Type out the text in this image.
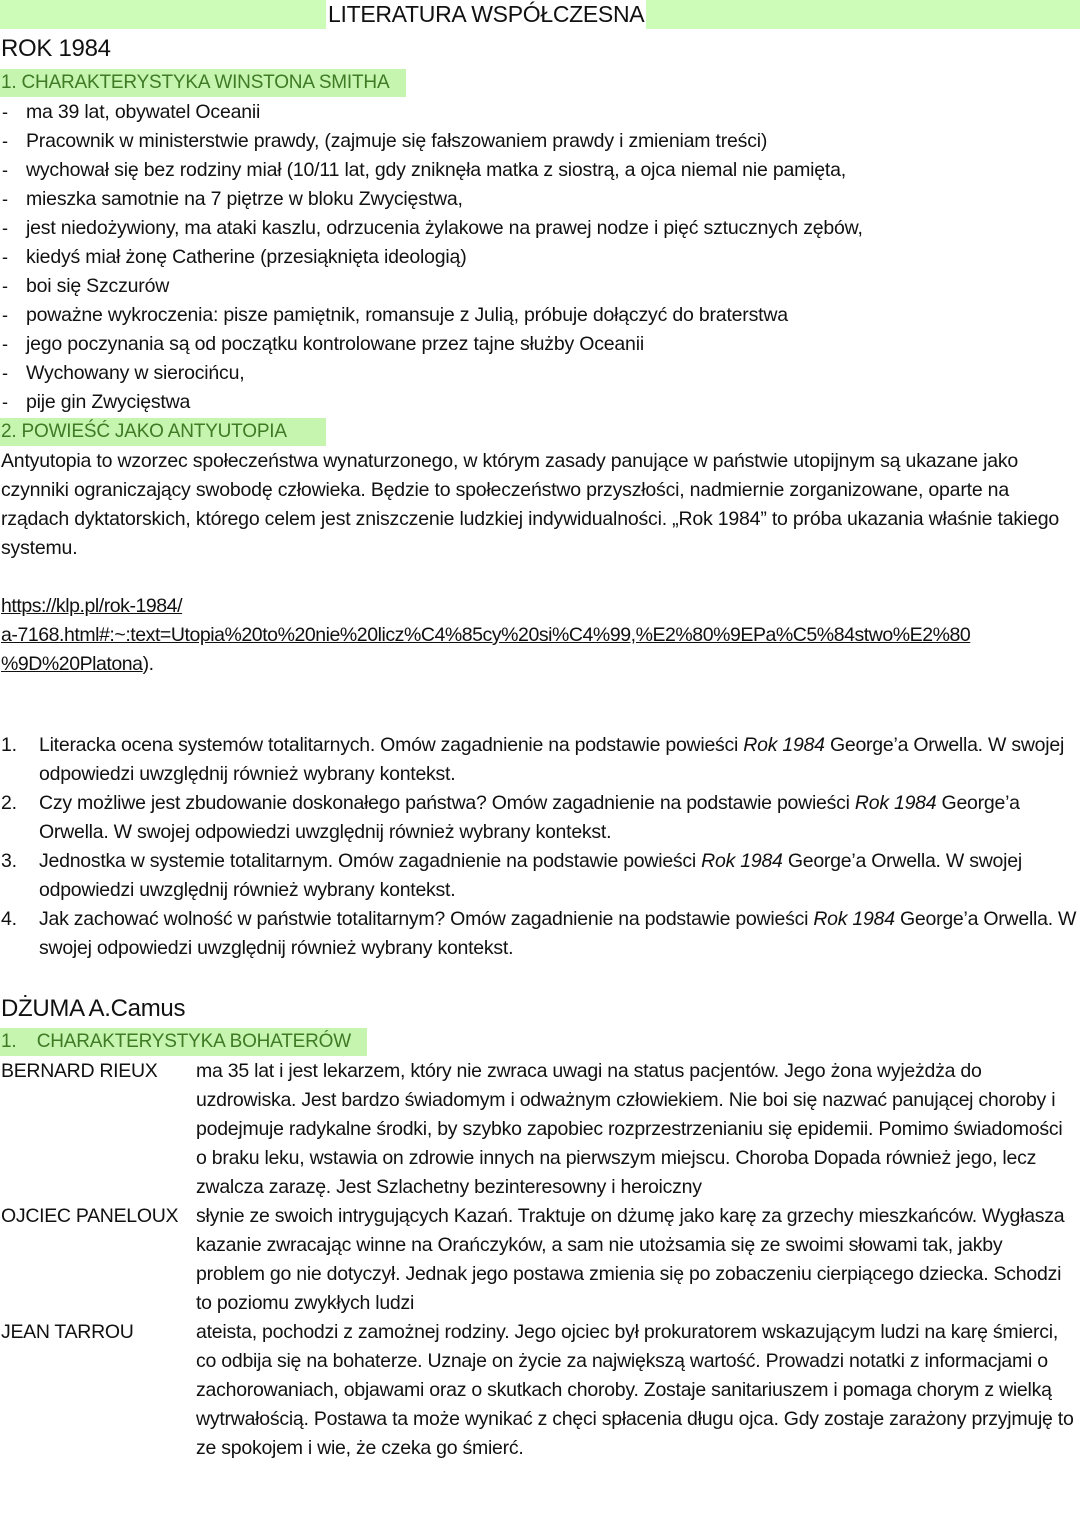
LITERATURA WSPÓŁCZESNA
ROK 1984
1. CHARAKTERYSTYKA WINSTONA SMITHA
- ma 39 lat, obywatel Oceanii
- Pracownik w ministerstwie prawdy, (zajmuje się fałszowaniem prawdy i zmieniam treści)
- wychował się bez rodziny miał (10/11 lat, gdy zniknęła matka z siostrą, a ojca niemal nie pamięta,
- mieszka samotnie na 7 piętrze w bloku Zwycięstwa,
- jest niedożywiony, ma ataki kaszlu, odrzucenia żylakowe na prawej nodze i pięć sztucznych zębów,
- kiedyś miał żonę Catherine (przesiąknięta ideologią)
- boi się Szczurów
- poważne wykroczenia: pisze pamiętnik, romansuje z Julią, próbuje dołączyć do braterstwa
- jego poczynania są od początku kontrolowane przez tajne służby Oceanii
- Wychowany w sierocińcu,
- pije gin Zwycięstwa
2. POWIEŚĆ JAKO ANTYUTOPIA
Antyutopia to wzorzec społeczeństwa wynaturzonego, w którym zasady panujące w państwie utopijnym są ukazane jako czynniki ograniczający swobodę człowieka. Będzie to społeczeństwo przyszłości, nadmiernie zorganizowane, oparte na rządach dyktatorskich, którego celem jest zniszczenie ludzkiej indywidualności. „Rok 1984” to próba ukazania właśnie takiego systemu.
https://klp.pl/rok-1984/
a-7168.html#:~:text=Utopia%20to%20nie%20licz%C4%85cy%20si%C4%99,%E2%80%9EPa%C5%84stwo%E2%80
%9D%20Platona).
1. Literacka ocena systemów totalitarnych. Omów zagadnienie na podstawie powieści Rok 1984 George’a Orwella. W swojej odpowiedzi uwzględnij również wybrany kontekst.
2. Czy możliwe jest zbudowanie doskonałego państwa? Omów zagadnienie na podstawie powieści Rok 1984 George’a Orwella. W swojej odpowiedzi uwzględnij również wybrany kontekst.
3. Jednostka w systemie totalitarnym. Omów zagadnienie na podstawie powieści Rok 1984 George’a Orwella. W swojej odpowiedzi uwzględnij również wybrany kontekst.
4. Jak zachować wolność w państwie totalitarnym? Omów zagadnienie na podstawie powieści Rok 1984 George’a Orwella. W swojej odpowiedzi uwzględnij również wybrany kontekst.
DŻUMA A.Camus
1.    CHARAKTERYSTYKA BOHATERÓW
BERNARD RIEUX	ma 35 lat i jest lekarzem, który nie zwraca uwagi na status pacjentów. Jego żona wyjeżdża do uzdrowiska. Jest bardzo świadomym i odważnym człowiekiem. Nie boi się nazwać panującej choroby i podejmuje radykalne środki, by szybko zapobiec rozprzestrzenianiu się epidemii. Pomimo świadomości o braku leku, wstawia on zdrowie innych na pierwszym miejscu. Choroba Dopada również jego, lecz zwalcza zarazę. Jest Szlachetny bezinteresowny i heroiczny
OJCIEC PANELOUX słynie ze swoich intrygujących Kazań. Traktuje on dżumę jako karę za grzechy mieszkańców. Wygłasza kazanie zwracając winne na Orańczyków, a sam nie utożsamia się ze swoimi słowami tak, jakby problem go nie dotyczył. Jednak jego postawa zmienia się po zobaczeniu cierpiącego dziecka. Schodzi to poziomu zwykłych ludzi
JEAN TARROU	ateista, pochodzi z zamożnej rodziny. Jego ojciec był prokuratorem wskazującym ludzi na karę śmierci, co odbija się na bohaterze. Uznaje on życie za największą wartość. Prowadzi notatki z informacjami o zachorowaniach, objawami oraz o skutkach choroby. Zostaje sanitariuszem i pomaga chorym z wielką wytrwałością. Postawa ta może wynikać z chęci spłacenia długu ojca. Gdy zostaje zarażony przyjmuję to ze spokojem i wie, że czeka go śmierć.
